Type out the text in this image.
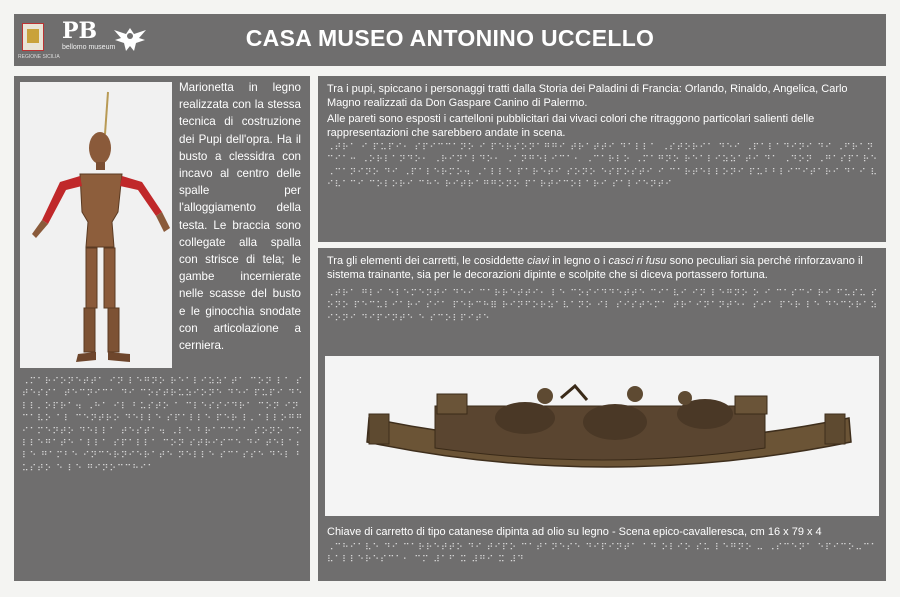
REGIONE SICILIA
PB
bellomo museum	CASA MUSEO ANTONINO UCCELLO
Marionetta in legno realizzata con la stessa tecnica di costruzione dei Pupi dell'opra. Ha il busto a clessidra con incavo al centro delle spalle per l'alloggiamento della testa. Le braccia sono collegate alla spalla con strisce di tela; le gambe incernierate nelle scasse del busto e le ginocchia snodate con articolazione a cerniera.
⠠⠍⠁⠗⠊⠕⠝⠑⠞⠞⠁ ⠊⠝ ⠇⠑⠛⠝⠕ ⠗⠑⠁⠇⠊⠵⠵⠁⠞⠁ ⠉⠕⠝ ⠇⠁ ⠎⠞⠑⠎⠎⠁ ⠞⠑⠉⠝⠊⠉⠁ ⠙⠊ ⠉⠕⠎⠞⠗⠥⠵⠊⠕⠝⠑ ⠙⠑⠊ ⠏⠥⠏⠊ ⠙⠑⠇⠇⠄⠕⠏⠗⠁⠲ ⠠⠓⠁ ⠊⠇ ⠃⠥⠎⠞⠕ ⠁ ⠉⠇⠑⠎⠎⠊⠙⠗⠁ ⠉⠕⠝ ⠊⠝⠉⠁⠧⠕ ⠁⠇ ⠉⠑⠝⠞⠗⠕ ⠙⠑⠇⠇⠑ ⠎⠏⠁⠇⠇⠑ ⠏⠑⠗ ⠇⠄⠁⠇⠇⠕⠛⠛⠊⠁⠍⠑⠝⠞⠕ ⠙⠑⠇⠇⠁ ⠞⠑⠎⠞⠁⠲ ⠠⠇⠑ ⠃⠗⠁⠉⠉⠊⠁ ⠎⠕⠝⠕ ⠉⠕⠇⠇⠑⠛⠁⠞⠑ ⠁⠇⠇⠁ ⠎⠏⠁⠇⠇⠁ ⠉⠕⠝ ⠎⠞⠗⠊⠎⠉⠑ ⠙⠊ ⠞⠑⠇⠁⠆ ⠇⠑ ⠛⠁⠍⠃⠑ ⠊⠝⠉⠑⠗⠝⠊⠑⠗⠁⠞⠑ ⠝⠑⠇⠇⠑ ⠎⠉⠁⠎⠎⠑ ⠙⠑⠇ ⠃⠥⠎⠞⠕ ⠑ ⠇⠑ ⠛⠊⠝⠕⠉⠉⠓⠊⠁
Tra i pupi, spiccano i personaggi tratti dalla Storia dei Paladini di Francia: Orlando, Rinaldo, Angelica, Carlo Magno realizzati da Don Gaspare Canino di Palermo.
Alle pareti sono esposti i cartelloni pubblicitari dai vivaci colori che ritraggono particolari salienti delle rappresentazioni che sarebbero andate in scena.
⠠⠞⠗⠁ ⠊ ⠏⠥⠏⠊⠂ ⠎⠏⠊⠉⠉⠁⠝⠕ ⠊ ⠏⠑⠗⠎⠕⠝⠁⠛⠛⠊ ⠞⠗⠁⠞⠞⠊ ⠙⠁⠇⠇⠁ ⠠⠎⠞⠕⠗⠊⠁ ⠙⠑⠊ ⠠⠏⠁⠇⠁⠙⠊⠝⠊ ⠙⠊ ⠠⠋⠗⠁⠝⠉⠊⠁⠒ ⠠⠕⠗⠇⠁⠝⠙⠕⠂ ⠠⠗⠊⠝⠁⠇⠙⠕⠂ ⠠⠁⠝⠛⠑⠇⠊⠉⠁⠂ ⠠⠉⠁⠗⠇⠕ ⠠⠍⠁⠛⠝⠕ ⠗⠑⠁⠇⠊⠵⠵⠁⠞⠊ ⠙⠁ ⠠⠙⠕⠝ ⠠⠛⠁⠎⠏⠁⠗⠑ ⠠⠉⠁⠝⠊⠝⠕ ⠙⠊ ⠠⠏⠁⠇⠑⠗⠍⠕⠲ ⠠⠁⠇⠇⠑ ⠏⠁⠗⠑⠞⠊ ⠎⠕⠝⠕ ⠑⠎⠏⠕⠎⠞⠊ ⠊ ⠉⠁⠗⠞⠑⠇⠇⠕⠝⠊ ⠏⠥⠃⠃⠇⠊⠉⠊⠞⠁⠗⠊ ⠙⠁⠊ ⠧⠊⠧⠁⠉⠊ ⠉⠕⠇⠕⠗⠊ ⠉⠓⠑ ⠗⠊⠞⠗⠁⠛⠛⠕⠝⠕ ⠏⠁⠗⠞⠊⠉⠕⠇⠁⠗⠊ ⠎⠁⠇⠊⠑⠝⠞⠊
Tra gli elementi dei carretti, le cosiddette ciavi in legno o i casci ri fusu sono peculiari sia perché rinforzavano il sistema trainante, sia per le decorazioni dipinte e scolpite che si diceva portassero fortuna.
⠠⠞⠗⠁ ⠛⠇⠊ ⠑⠇⠑⠍⠑⠝⠞⠊ ⠙⠑⠊ ⠉⠁⠗⠗⠑⠞⠞⠊⠂ ⠇⠑ ⠉⠕⠎⠊⠙⠙⠑⠞⠞⠑ ⠉⠊⠁⠧⠊ ⠊⠝ ⠇⠑⠛⠝⠕ ⠕ ⠊ ⠉⠁⠎⠉⠊ ⠗⠊ ⠋⠥⠎⠥ ⠎⠕⠝⠕ ⠏⠑⠉⠥⠇⠊⠁⠗⠊ ⠎⠊⠁ ⠏⠑⠗⠉⠓⠿ ⠗⠊⠝⠋⠕⠗⠵⠁⠧⠁⠝⠕ ⠊⠇ ⠎⠊⠎⠞⠑⠍⠁ ⠞⠗⠁⠊⠝⠁⠝⠞⠑⠂ ⠎⠊⠁ ⠏⠑⠗ ⠇⠑ ⠙⠑⠉⠕⠗⠁⠵⠊⠕⠝⠊ ⠙⠊⠏⠊⠝⠞⠑ ⠑ ⠎⠉⠕⠇⠏⠊⠞⠑
Chiave di carretto di tipo catanese dipinta ad olio su legno - Scena epico-cavalleresca, cm 16 x 79 x 4
⠠⠉⠓⠊⠁⠧⠑ ⠙⠊ ⠉⠁⠗⠗⠑⠞⠞⠕ ⠙⠊ ⠞⠊⠏⠕ ⠉⠁⠞⠁⠝⠑⠎⠑ ⠙⠊⠏⠊⠝⠞⠁ ⠁⠙ ⠕⠇⠊⠕ ⠎⠥ ⠇⠑⠛⠝⠕ ⠤ ⠠⠎⠉⠑⠝⠁ ⠑⠏⠊⠉⠕⠤⠉⠁⠧⠁⠇⠇⠑⠗⠑⠎⠉⠁⠂ ⠉⠍ ⠼⠁⠋ ⠭ ⠼⠛⠊ ⠭ ⠼⠙
